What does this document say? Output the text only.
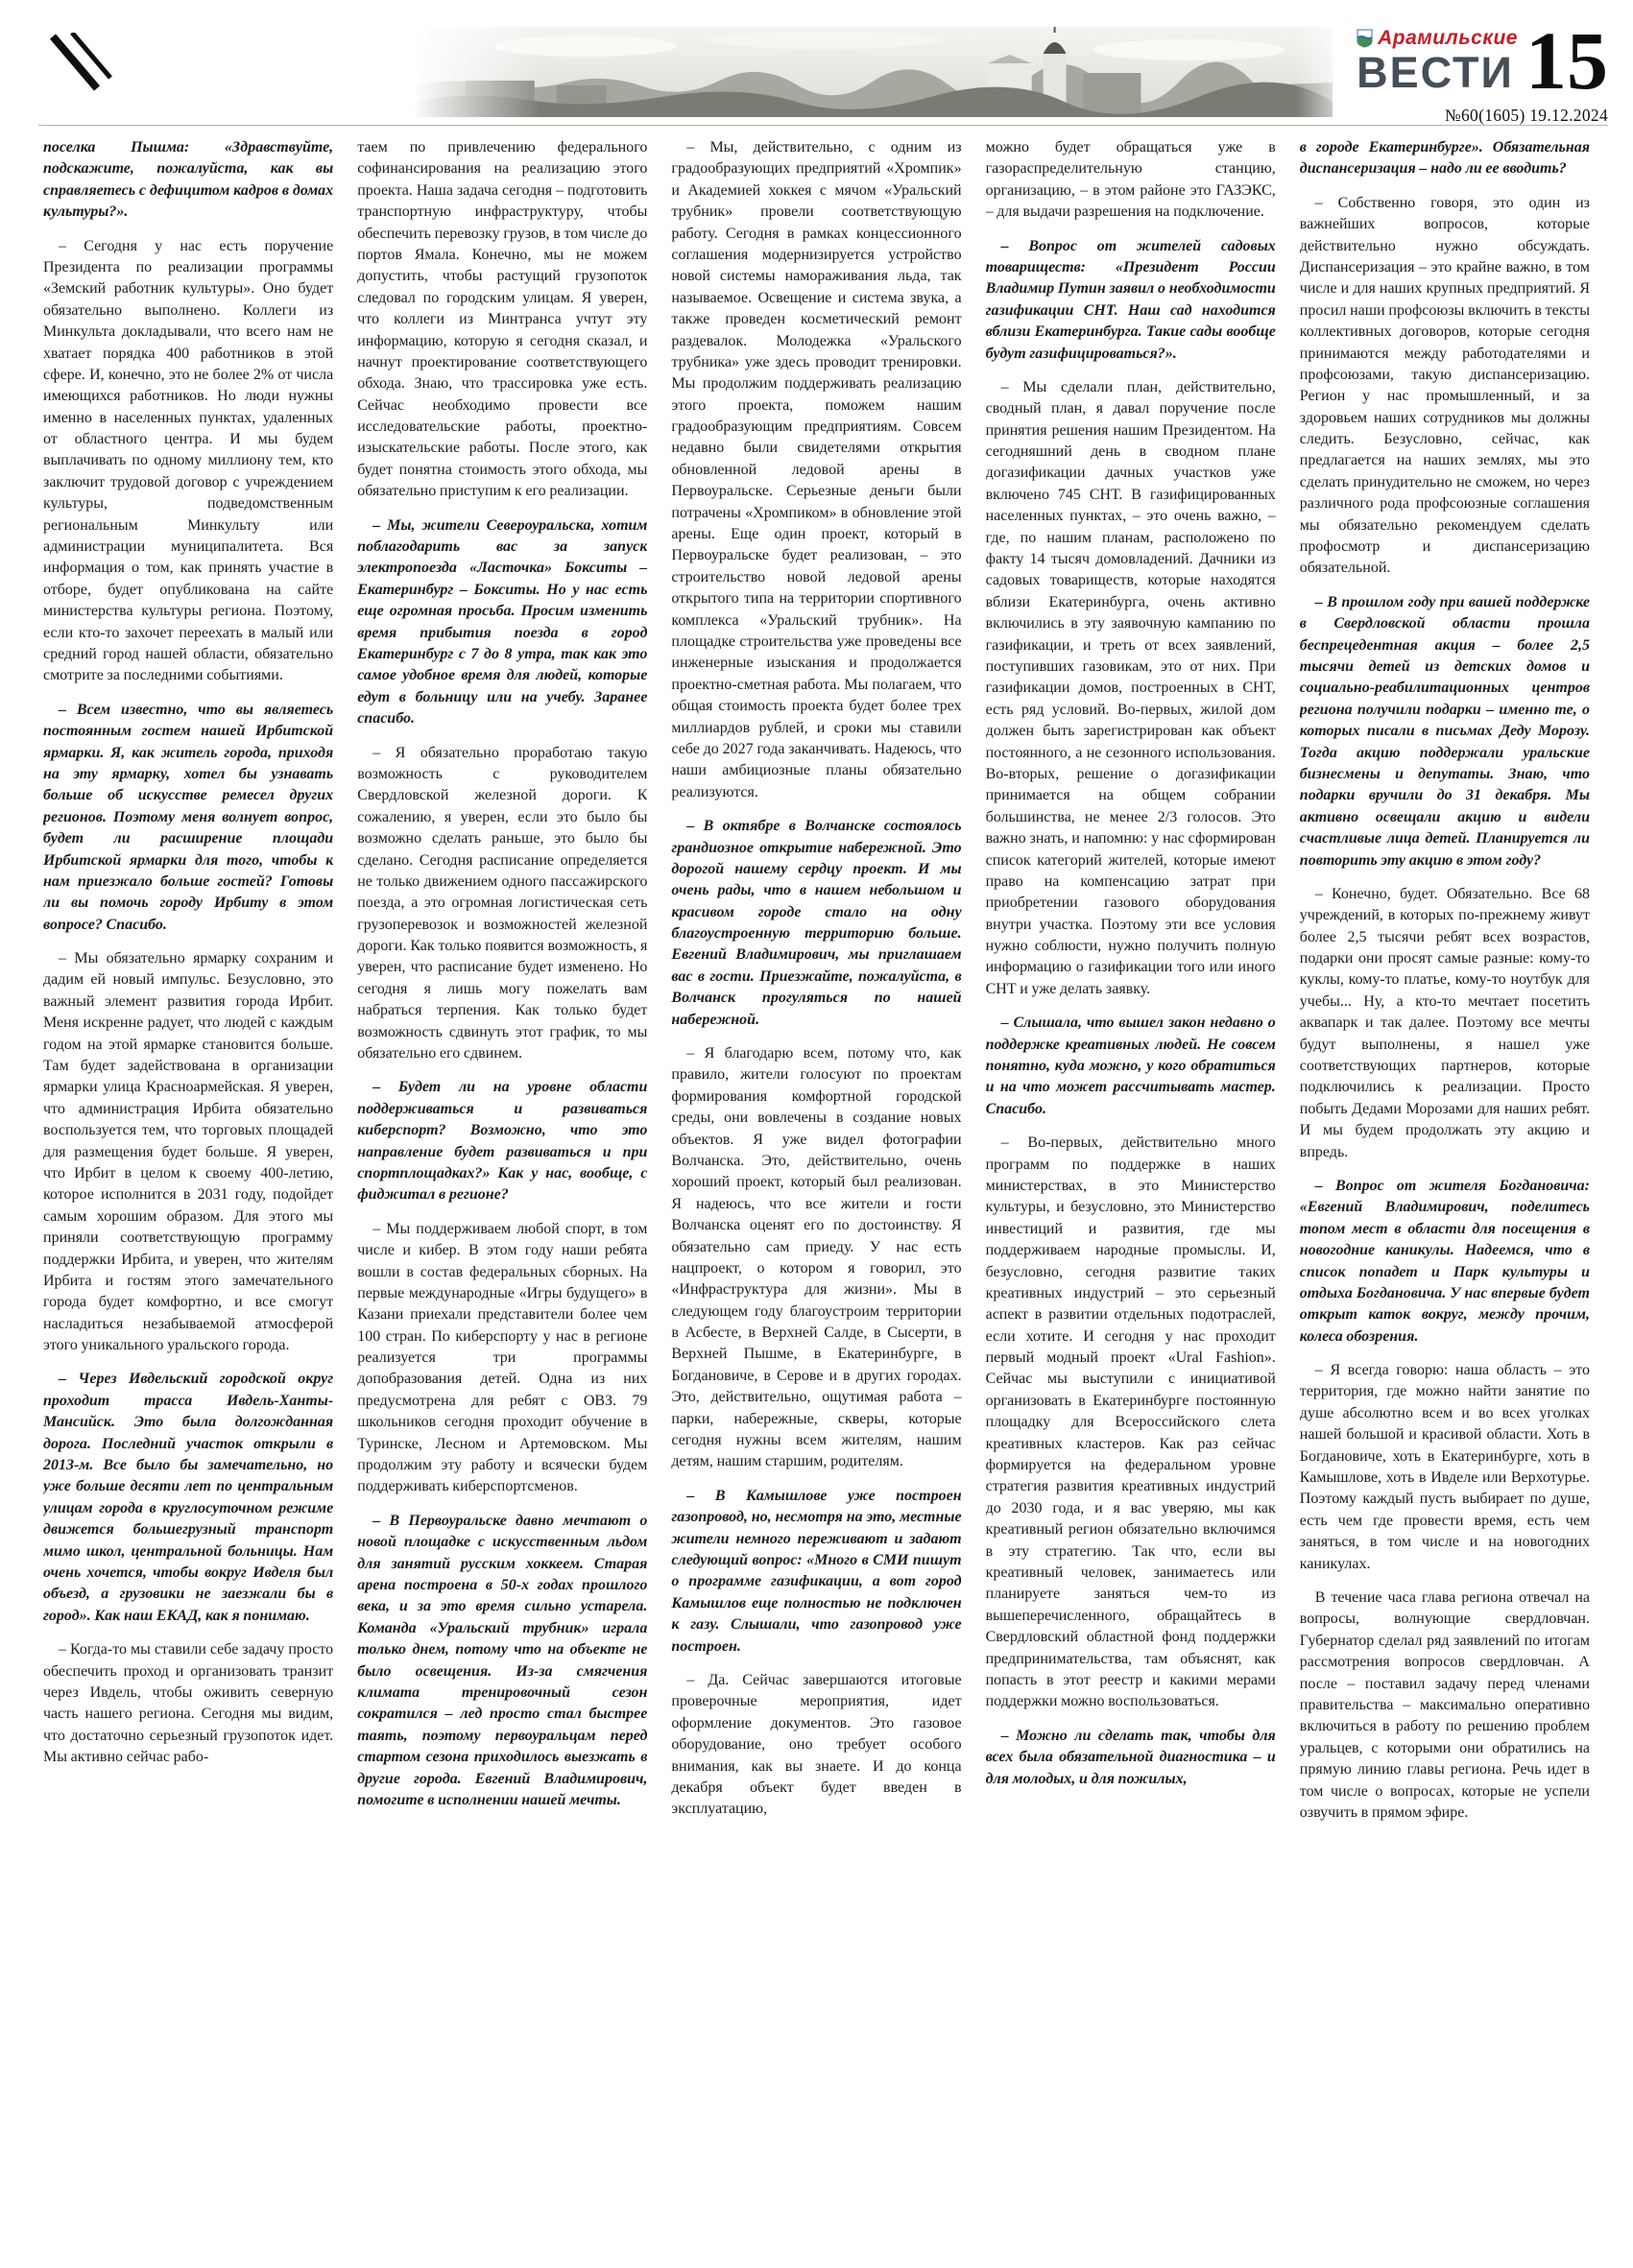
Арамильские
ВЕСТИ 15
№60(1605) 19.12.2024

поселка Пышма: «Здравствуйте, подскажите, пожалуйста, как вы справляетесь с дефицитом кадров в домах культуры?».

– Сегодня у нас есть поручение Президента по реализации программы «Земский работник культуры». Оно будет обязательно выполнено. Коллеги из Минкульта докладывали, что всего нам не хватает порядка 400 работников в этой сфере. И, конечно, это не более 2% от числа имеющихся работников. Но люди нужны именно в населенных пунктах, удаленных от областного центра. И мы будем выплачивать по одному миллиону тем, кто заключит трудовой договор с учреждением культуры, подведомственным региональным Минкульту или администрации муниципалитета. Вся информация о том, как принять участие в отборе, будет опубликована на сайте министерства культуры региона. Поэтому, если кто-то захочет переехать в малый или средний город нашей области, обязательно смотрите за последними событиями.

– Всем известно, что вы являетесь постоянным гостем нашей Ирбитской ярмарки. Я, как житель города, приходя на эту ярмарку, хотел бы узнавать больше об искусстве ремесел других регионов. Поэтому меня волнует вопрос, будет ли расширение площади Ирбитской ярмарки для того, чтобы к нам приезжало больше гостей? Готовы ли вы помочь городу Ирбиту в этом вопросе? Спасибо.

– Мы обязательно ярмарку сохраним и дадим ей новый импульс. Безусловно, это важный элемент развития города Ирбит. Меня искренне радует, что людей с каждым годом на этой ярмарке становится больше. Там будет задействована в организации ярмарки улица Красноармейская. Я уверен, что администрация Ирбита обязательно воспользуется тем, что торговых площадей для размещения будет больше. Я уверен, что Ирбит в целом к своему 400-летию, которое исполнится в 2031 году, подойдет самым хорошим образом. Для этого мы приняли соответствующую программу поддержки Ирбита, и уверен, что жителям Ирбита и гостям этого замечательного города будет комфортно, и все смогут насладиться незабываемой атмосферой этого уникального уральского города.

– Через Ивдельский городской округ проходит трасса Ивдель-Ханты-Мансийск. Это была долгожданная дорога. Последний участок открыли в 2013-м. Все было бы замечательно, но уже больше десяти лет по центральным улицам города в круглосуточном режиме движется большегрузный транспорт мимо школ, центральной больницы. Нам очень хочется, чтобы вокруг Ивделя был объезд, а грузовики не заезжали бы в город». Как наш ЕКАД, как я понимаю.

– Когда-то мы ставили себе задачу просто обеспечить проход и организовать транзит через Ивдель, чтобы оживить северную часть нашего региона. Сегодня мы видим, что достаточно серьезный грузопоток идет. Мы активно сейчас рабо-

таем по привлечению федерального софинансирования на реализацию этого проекта. Наша задача сегодня – подготовить транспортную инфраструктуру, чтобы обеспечить перевозку грузов, в том числе до портов Ямала. Конечно, мы не можем допустить, чтобы растущий грузопоток следовал по городским улицам. Я уверен, что коллеги из Минтранса учтут эту информацию, которую я сегодня сказал, и начнут проектирование соответствующего обхода. Знаю, что трассировка уже есть. Сейчас необходимо провести все исследовательские работы, проектно-изыскательские работы. После этого, как будет понятна стоимость этого обхода, мы обязательно приступим к его реализации.

– Мы, жители Североуральска, хотим поблагодарить вас за запуск электропоезда «Ласточка» Бокситы – Екатеринбург – Бокситы. Но у нас есть еще огромная просьба. Просим изменить время прибытия поезда в город Екатеринбург с 7 до 8 утра, так как это самое удобное время для людей, которые едут в больницу или на учебу. Заранее спасибо.

– Я обязательно проработаю такую возможность с руководителем Свердловской железной дороги. К сожалению, я уверен, если это было бы возможно сделать раньше, это было бы сделано. Сегодня расписание определяется не только движением одного пассажирского поезда, а это огромная логистическая сеть грузоперевозок и возможностей железной дороги. Как только появится возможность, я уверен, что расписание будет изменено. Но сегодня я лишь могу пожелать вам набраться терпения. Как только будет возможность сдвинуть этот график, то мы обязательно его сдвинем.

– Будет ли на уровне области поддерживаться и развиваться киберспорт? Возможно, что это направление будет развиваться и при спортплощадках?» Как у нас, вообще, с фиджитал в регионе?

– Мы поддерживаем любой спорт, в том числе и кибер. В этом году наши ребята вошли в состав федеральных сборных. На первые международные «Игры будущего» в Казани приехали представители более чем 100 стран. По киберспорту у нас в регионе реализуется три программы допобразования детей. Одна из них предусмотрена для ребят с ОВЗ. 79 школьников сегодня проходит обучение в Туринске, Лесном и Артемовском. Мы продолжим эту работу и всячески будем поддерживать киберспортсменов.

– В Первоуральске давно мечтают о новой площадке с искусственным льдом для занятий русским хоккеем. Старая арена построена в 50-х годах прошлого века, и за это время сильно устарела. Команда «Уральский трубник» играла только днем, потому что на объекте не было освещения. Из-за смягчения климата тренировочный сезон сократился – лед просто стал быстрее таять, поэтому первоуральцам перед стартом сезона приходилось выезжать в другие города. Евгений Владимирович, помогите в исполнении нашей мечты.

– Мы, действительно, с одним из градообразующих предприятий «Хромпик» и Академией хоккея с мячом «Уральский трубник» провели соответствующую работу. Сегодня в рамках концессионного соглашения модернизируется устройство новой системы намораживания льда, так называемое. Освещение и система звука, а также проведен косметический ремонт раздевалок. Молодежка «Уральского трубника» уже здесь проводит тренировки. Мы продолжим поддерживать реализацию этого проекта, поможем нашим градообразующим предприятиям. Совсем недавно были свидетелями открытия обновленной ледовой арены в Первоуральске. Серьезные деньги были потрачены «Хромпиком» в обновление этой арены. Еще один проект, который в Первоуральске будет реализован, – это строительство новой ледовой арены открытого типа на территории спортивного комплекса «Уральский трубник». На площадке строительства уже проведены все инженерные изыскания и продолжается проектно-сметная работа. Мы полагаем, что общая стоимость проекта будет более трех миллиардов рублей, и сроки мы ставили себе до 2027 года заканчивать. Надеюсь, что наши амбициозные планы обязательно реализуются.

– В октябре в Волчанске состоялось грандиозное открытие набережной. Это дорогой нашему сердцу проект. И мы очень рады, что в нашем небольшом и красивом городе стало на одну благоустроенную территорию больше. Евгений Владимирович, мы приглашаем вас в гости. Приезжайте, пожалуйста, в Волчанск прогуляться по нашей набережной.

– Я благодарю всем, потому что, как правило, жители голосуют по проектам формирования комфортной городской среды, они вовлечены в создание новых объектов. Я уже видел фотографии Волчанска. Это, действительно, очень хороший проект, который был реализован. Я надеюсь, что все жители и гости Волчанска оценят его по достоинству. Я обязательно сам приеду. У нас есть нацпроект, о котором я говорил, это «Инфраструктура для жизни». Мы в следующем году благоустроим территории в Асбесте, в Верхней Салде, в Сысерти, в Верхней Пышме, в Екатеринбурге, в Богдановиче, в Серове и в других городах. Это, действительно, ощутимая работа – парки, набережные, скверы, которые сегодня нужны всем жителям, нашим детям, нашим старшим, родителям.

– В Камышлове уже построен газопровод, но, несмотря на это, местные жители немного переживают и задают следующий вопрос: «Много в СМИ пишут о программе газификации, а вот город Камышлов еще полностью не подключен к газу. Слышали, что газопровод уже построен.

– Да. Сейчас завершаются итоговые проверочные мероприятия, идет оформление документов. Это газовое оборудование, оно требует особого внимания, как вы знаете. И до конца декабря объект будет введен в эксплуатацию,

можно будет обращаться уже в газораспределительную станцию, организацию, – в этом районе это ГАЗЭКС, – для выдачи разрешения на подключение.

– Вопрос от жителей садовых товариществ: «Президент России Владимир Путин заявил о необходимости газификации СНТ. Наш сад находится вблизи Екатеринбурга. Такие сады вообще будут газифицироваться?».

– Мы сделали план, действительно, сводный план, я давал поручение после принятия решения нашим Президентом. На сегодняшний день в сводном плане догазификации дачных участков уже включено 745 СНТ. В газифицированных населенных пунктах, – это очень важно, – где, по нашим планам, расположено по факту 14 тысяч домовладений. Дачники из садовых товариществ, которые находятся вблизи Екатеринбурга, очень активно включились в эту заявочную кампанию по газификации, и треть от всех заявлений, поступивших газовикам, это от них. При газификации домов, построенных в СНТ, есть ряд условий. Во-первых, жилой дом должен быть зарегистрирован как объект постоянного, а не сезонного использования. Во-вторых, решение о догазификации принимается на общем собрании большинства, не менее 2/3 голосов. Это важно знать, и напомню: у нас сформирован список категорий жителей, которые имеют право на компенсацию затрат при приобретении газового оборудования внутри участка. Поэтому эти все условия нужно соблюсти, нужно получить полную информацию о газификации того или иного СНТ и уже делать заявку.

– Слышала, что вышел закон недавно о поддержке креативных людей. Не совсем понятно, куда можно, у кого обратиться и на что может рассчитывать мастер. Спасибо.

– Во-первых, действительно много программ по поддержке в наших министерствах, в это Министерство культуры, и безусловно, это Министерство инвестиций и развития, где мы поддерживаем народные промыслы. И, безусловно, сегодня развитие таких креативных индустрий – это серьезный аспект в развитии отдельных подотраслей, если хотите. И сегодня у нас проходит первый модный проект «Ural Fashion». Сейчас мы выступили с инициативой организовать в Екатеринбурге постоянную площадку для Всероссийского слета креативных кластеров. Как раз сейчас формируется на федеральном уровне стратегия развития креативных индустрий до 2030 года, и я вас уверяю, мы как креативный регион обязательно включимся в эту стратегию. Так что, если вы креативный человек, занимаетесь или планируете заняться чем-то из вышеперечисленного, обращайтесь в Свердловский областной фонд поддержки предпринимательства, там объяснят, как попасть в этот реестр и какими мерами поддержки можно воспользоваться.

– Можно ли сделать так, чтобы для всех была обязательной диагностика – и для молодых, и для пожилых,

в городе Екатеринбурге». Обязательная диспансеризация – надо ли ее вводить?

– Собственно говоря, это один из важнейших вопросов, которые действительно нужно обсуждать. Диспансеризация – это крайне важно, в том числе и для наших крупных предприятий. Я просил наши профсоюзы включить в тексты коллективных договоров, которые сегодня принимаются между работодателями и профсоюзами, такую диспансеризацию. Регион у нас промышленный, и за здоровьем наших сотрудников мы должны следить. Безусловно, сейчас, как предлагается на наших землях, мы это сделать принудительно не сможем, но через различного рода профсоюзные соглашения мы обязательно рекомендуем сделать профосмотр и диспансеризацию обязательной.

– В прошлом году при вашей поддержке в Свердловской области прошла беспрецедентная акция – более 2,5 тысячи детей из детских домов и социально-реабилитационных центров региона получили подарки – именно те, о которых писали в письмах Деду Морозу. Тогда акцию поддержали уральские бизнесмены и депутаты. Знаю, что подарки вручили до 31 декабря. Мы активно освещали акцию и видели счастливые лица детей. Планируется ли повторить эту акцию в этом году?

– Конечно, будет. Обязательно. Все 68 учреждений, в которых по-прежнему живут более 2,5 тысячи ребят всех возрастов, подарки они просят самые разные: кому-то куклы, кому-то платье, кому-то ноутбук для учебы... Ну, а кто-то мечтает посетить аквапарк и так далее. Поэтому все мечты будут выполнены, я нашел уже соответствующих партнеров, которые подключились к реализации. Просто побыть Дедами Морозами для наших ребят. И мы будем продолжать эту акцию и впредь.

– Вопрос от жителя Богдановича: «Евгений Владимирович, поделитесь топом мест в области для посещения в новогодние каникулы. Надеемся, что в список попадет и Парк культуры и отдыха Богдановича. У нас впервые будет открыт каток вокруг, между прочим, колеса обозрения.

– Я всегда говорю: наша область – это территория, где можно найти занятие по душе абсолютно всем и во всех уголках нашей большой и красивой области. Хоть в Богдановиче, хоть в Екатеринбурге, хоть в Камышлове, хоть в Ивделе или Верхотурье. Поэтому каждый пусть выбирает по душе, есть чем где провести время, есть чем заняться, в том числе и на новогодних каникулах.

В течение часа глава региона отвечал на вопросы, волнующие свердловчан. Губернатор сделал ряд заявлений по итогам рассмотрения вопросов свердловчан. А после – поставил задачу перед членами правительства – максимально оперативно включиться в работу по решению проблем уральцев, с которыми они обратились на прямую линию главы региона. Речь идет в том числе о вопросах, которые не успели озвучить в прямом эфире.
